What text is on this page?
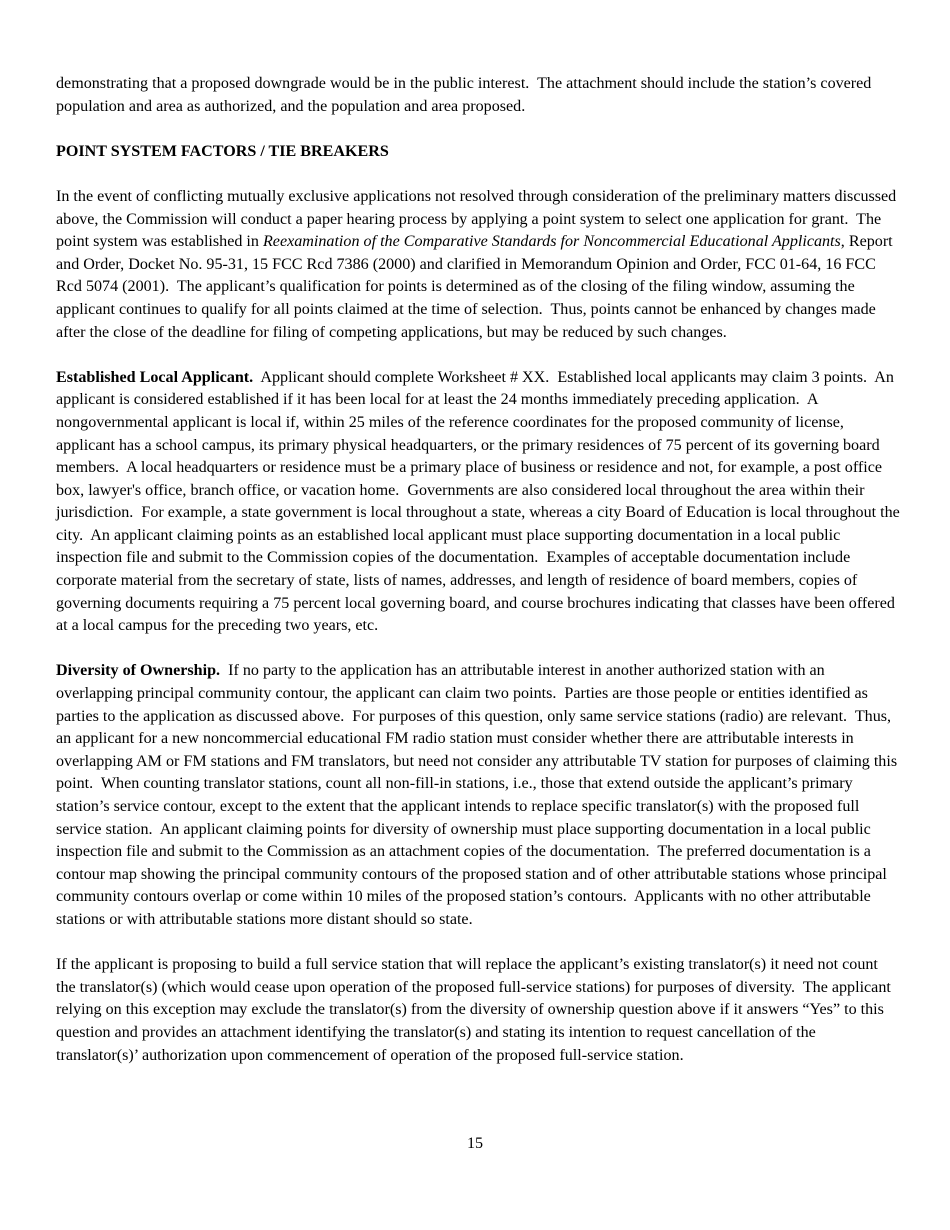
demonstrating that a proposed downgrade would be in the public interest.  The attachment should include the station’s covered population and area as authorized, and the population and area proposed.

POINT SYSTEM FACTORS / TIE BREAKERS

In the event of conflicting mutually exclusive applications not resolved through consideration of the preliminary matters discussed above, the Commission will conduct a paper hearing process by applying a point system to select one application for grant.  The point system was established in Reexamination of the Comparative Standards for Noncommercial Educational Applicants, Report and Order, Docket No. 95-31, 15 FCC Rcd 7386 (2000) and clarified in Memorandum Opinion and Order, FCC 01-64, 16 FCC Rcd 5074 (2001).  The applicant’s qualification for points is determined as of the closing of the filing window, assuming the applicant continues to qualify for all points claimed at the time of selection.  Thus, points cannot be enhanced by changes made after the close of the deadline for filing of competing applications, but may be reduced by such changes.

Established Local Applicant.  Applicant should complete Worksheet # XX.  Established local applicants may claim 3 points.  An applicant is considered established if it has been local for at least the 24 months immediately preceding application.  A nongovernmental applicant is local if, within 25 miles of the reference coordinates for the proposed community of license, applicant has a school campus, its primary physical headquarters, or the primary residences of 75 percent of its governing board members.  A local headquarters or residence must be a primary place of business or residence and not, for example, a post office box, lawyer's office, branch office, or vacation home.  Governments are also considered local throughout the area within their jurisdiction.  For example, a state government is local throughout a state, whereas a city Board of Education is local throughout the city.  An applicant claiming points as an established local applicant must place supporting documentation in a local public inspection file and submit to the Commission copies of the documentation.  Examples of acceptable documentation include corporate material from the secretary of state, lists of names, addresses, and length of residence of board members, copies of governing documents requiring a 75 percent local governing board, and course brochures indicating that classes have been offered at a local campus for the preceding two years, etc.

Diversity of Ownership.  If no party to the application has an attributable interest in another authorized station with an overlapping principal community contour, the applicant can claim two points.  Parties are those people or entities identified as parties to the application as discussed above.  For purposes of this question, only same service stations (radio) are relevant.  Thus, an applicant for a new noncommercial educational FM radio station must consider whether there are attributable interests in overlapping AM or FM stations and FM translators, but need not consider any attributable TV station for purposes of claiming this point.  When counting translator stations, count all non-fill-in stations, i.e., those that extend outside the applicant’s primary station’s service contour, except to the extent that the applicant intends to replace specific translator(s) with the proposed full service station.  An applicant claiming points for diversity of ownership must place supporting documentation in a local public inspection file and submit to the Commission as an attachment copies of the documentation.  The preferred documentation is a contour map showing the principal community contours of the proposed station and of other attributable stations whose principal community contours overlap or come within 10 miles of the proposed station’s contours.  Applicants with no other attributable stations or with attributable stations more distant should so state.

If the applicant is proposing to build a full service station that will replace the applicant’s existing translator(s) it need not count the translator(s) (which would cease upon operation of the proposed full-service stations) for purposes of diversity.  The applicant relying on this exception may exclude the translator(s) from the diversity of ownership question above if it answers “Yes” to this question and provides an attachment identifying the translator(s) and stating its intention to request cancellation of the translator(s)’ authorization upon commencement of operation of the proposed full-service station.

15
